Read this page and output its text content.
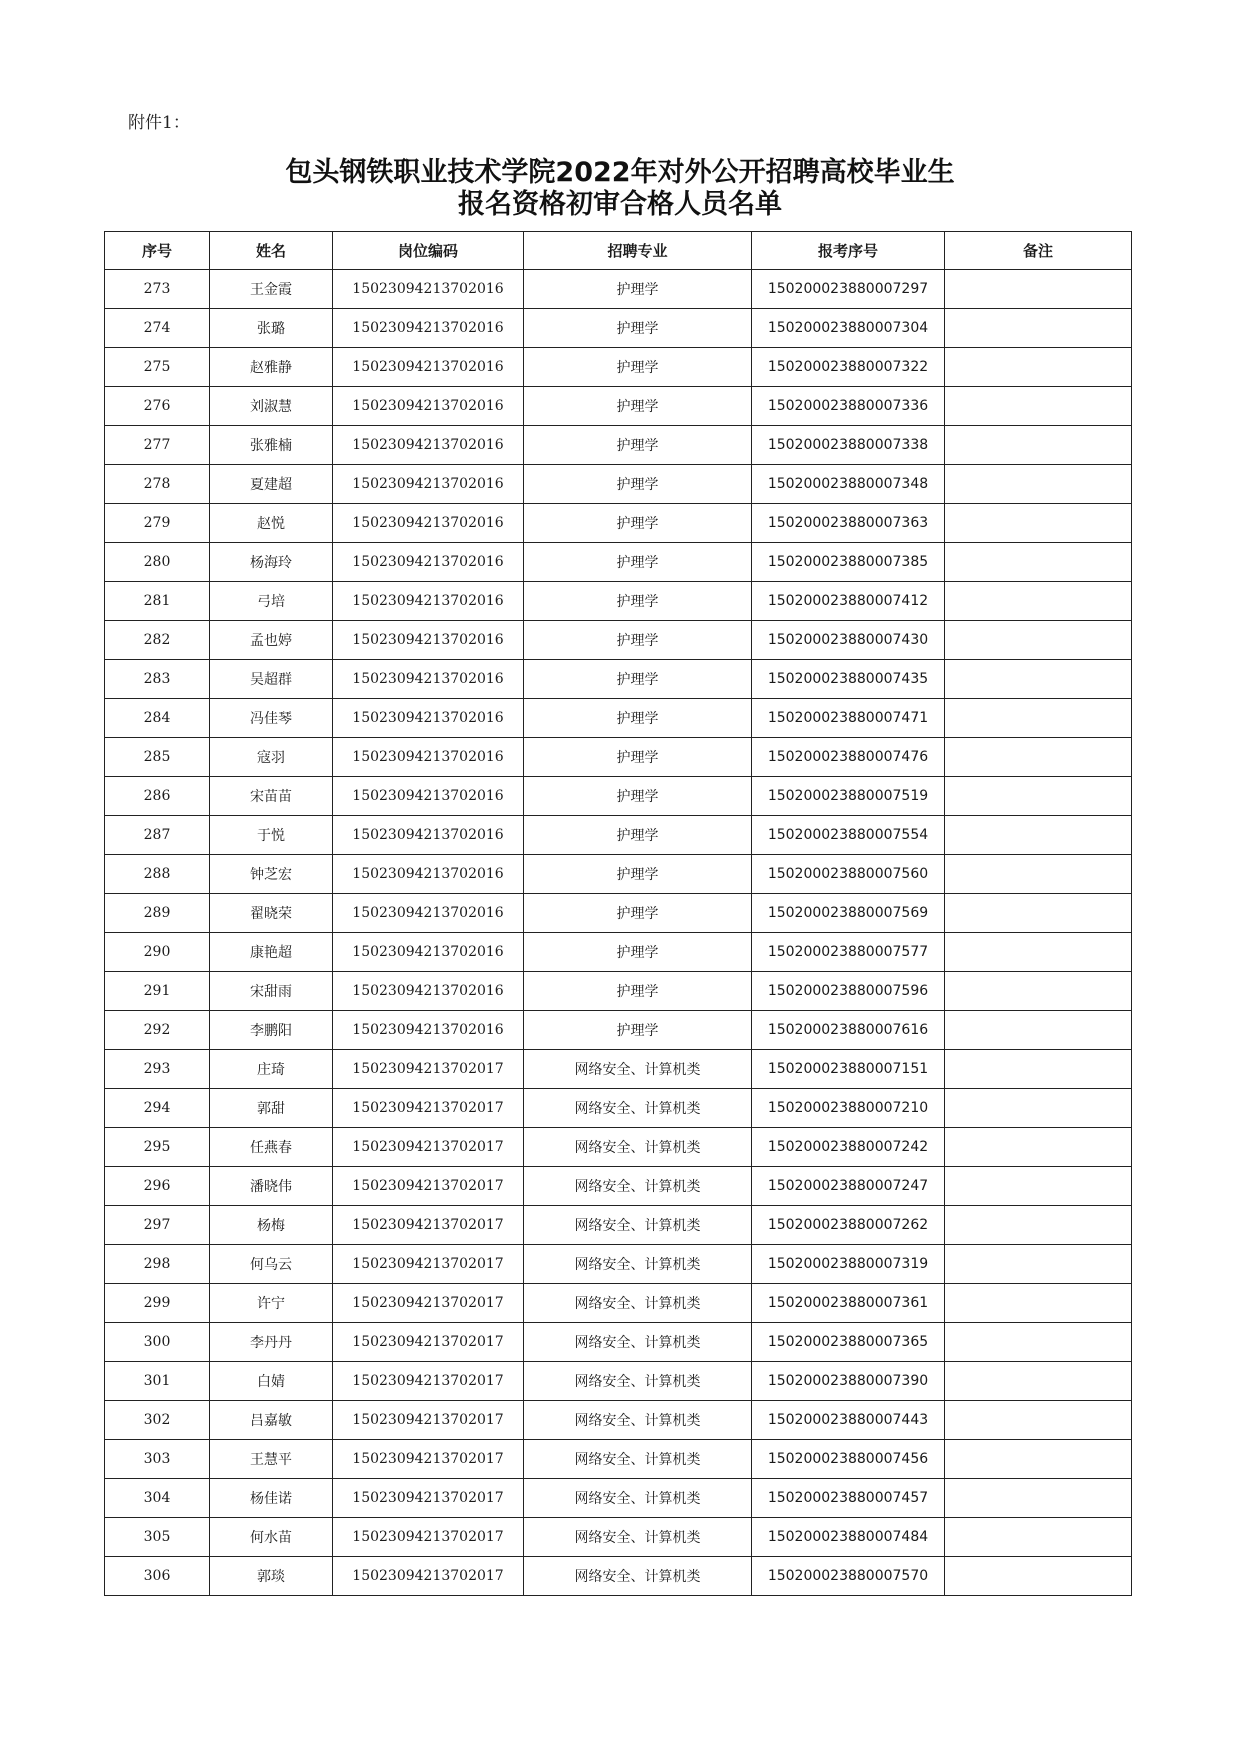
附件1：
包头钢铁职业技术学院2022年对外公开招聘高校毕业生
报名资格初审合格人员名单
序号	姓名	岗位编码	招聘专业	报考序号	备注
273	王金霞	15023094213702016	护理学	150200023880007297	
274	张璐	15023094213702016	护理学	150200023880007304	
275	赵雅静	15023094213702016	护理学	150200023880007322	
276	刘淑慧	15023094213702016	护理学	150200023880007336	
277	张雅楠	15023094213702016	护理学	150200023880007338	
278	夏建超	15023094213702016	护理学	150200023880007348	
279	赵悦	15023094213702016	护理学	150200023880007363	
280	杨海玲	15023094213702016	护理学	150200023880007385	
281	弓培	15023094213702016	护理学	150200023880007412	
282	孟也婷	15023094213702016	护理学	150200023880007430	
283	吴超群	15023094213702016	护理学	150200023880007435	
284	冯佳琴	15023094213702016	护理学	150200023880007471	
285	寇羽	15023094213702016	护理学	150200023880007476	
286	宋苗苗	15023094213702016	护理学	150200023880007519	
287	于悦	15023094213702016	护理学	150200023880007554	
288	钟芝宏	15023094213702016	护理学	150200023880007560	
289	翟晓荣	15023094213702016	护理学	150200023880007569	
290	康艳超	15023094213702016	护理学	150200023880007577	
291	宋甜雨	15023094213702016	护理学	150200023880007596	
292	李鹏阳	15023094213702016	护理学	150200023880007616	
293	庄琦	15023094213702017	网络安全、计算机类	150200023880007151	
294	郭甜	15023094213702017	网络安全、计算机类	150200023880007210	
295	任燕春	15023094213702017	网络安全、计算机类	150200023880007242	
296	潘晓伟	15023094213702017	网络安全、计算机类	150200023880007247	
297	杨梅	15023094213702017	网络安全、计算机类	150200023880007262	
298	何乌云	15023094213702017	网络安全、计算机类	150200023880007319	
299	许宁	15023094213702017	网络安全、计算机类	150200023880007361	
300	李丹丹	15023094213702017	网络安全、计算机类	150200023880007365	
301	白婧	15023094213702017	网络安全、计算机类	150200023880007390	
302	吕嘉敏	15023094213702017	网络安全、计算机类	150200023880007443	
303	王慧平	15023094213702017	网络安全、计算机类	150200023880007456	
304	杨佳诺	15023094213702017	网络安全、计算机类	150200023880007457	
305	何水苗	15023094213702017	网络安全、计算机类	150200023880007484	
306	郭琰	15023094213702017	网络安全、计算机类	150200023880007570	
